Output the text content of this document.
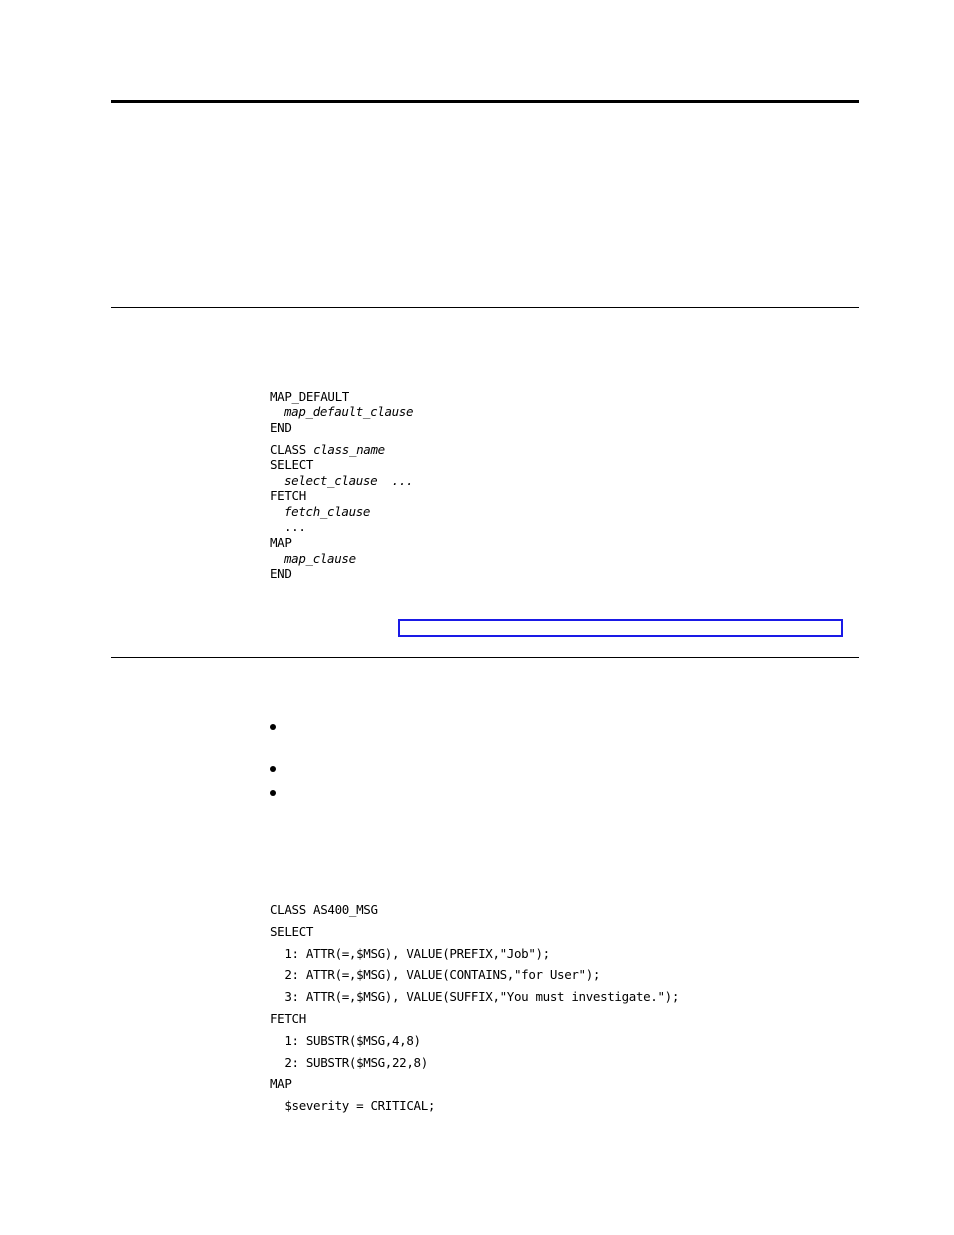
MAP_DEFAULT

map_default_clause

END

CLASS class_name

SELECT

select_clause ...

FETCH

fetch_clause

...

MAP

map_clause

END

CLASS AS400_MSG

SELECT

1: ATTR(=,$MSG), VALUE(PREFIX,"Job");

2: ATTR(=,$MSG), VALUE(CONTAINS,"for User");

3: ATTR(=,$MSG), VALUE(SUFFIX,"You must investigate.");

FETCH

1: SUBSTR($MSG,4,8)

2: SUBSTR($MSG,22,8)

MAP

$severity = CRITICAL;
